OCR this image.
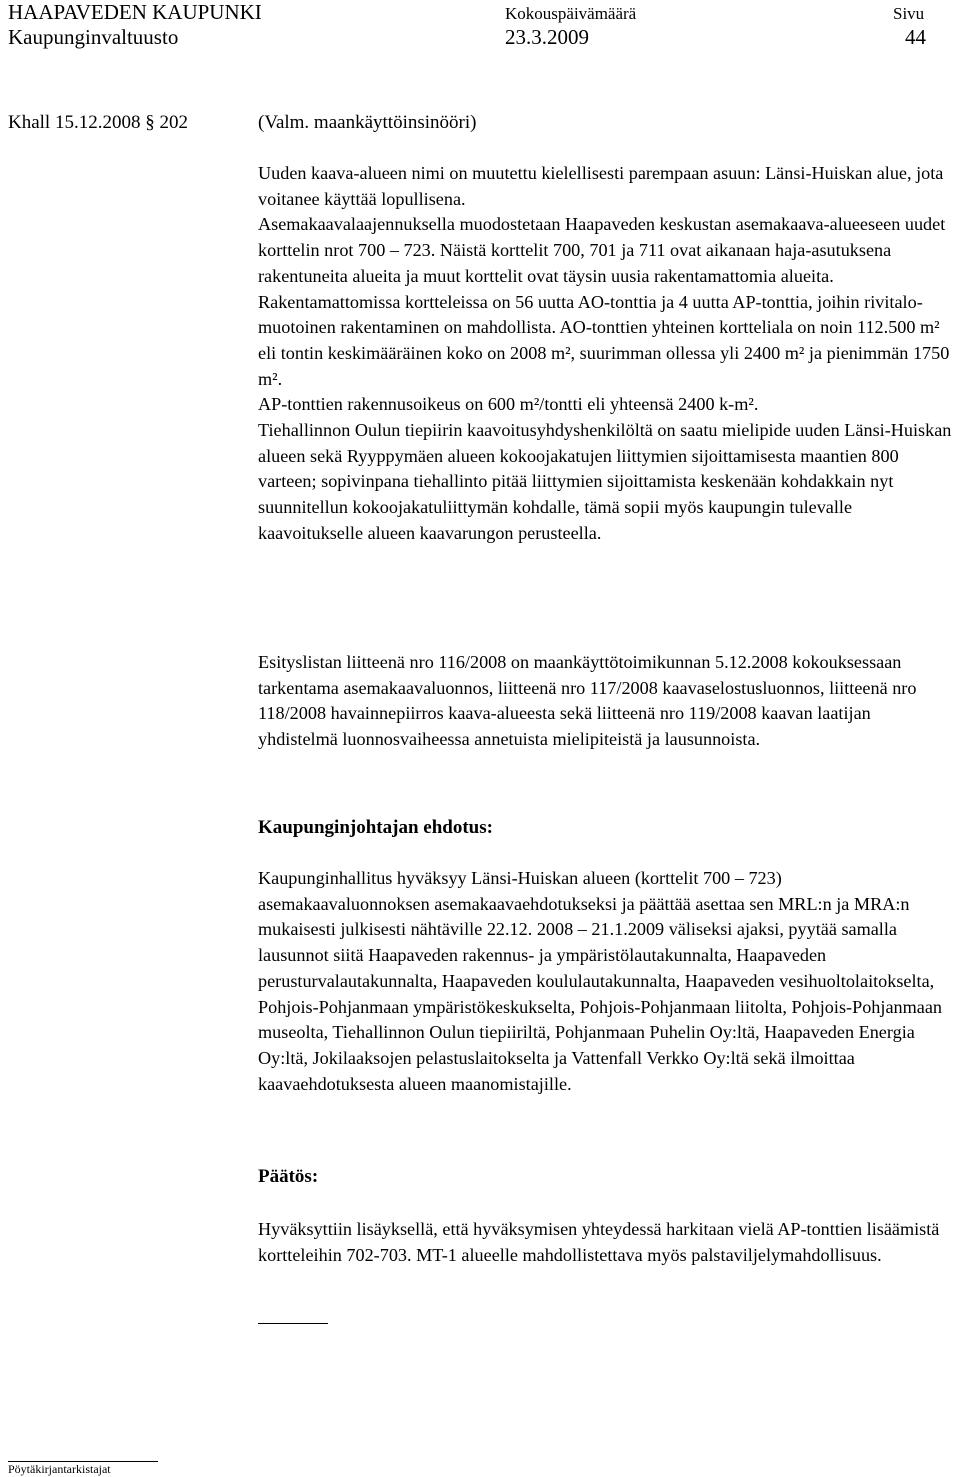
HAAPAVEDEN KAUPUNKI
Kaupunginvaltuusto
Kokouspäivämäärä
23.3.2009
Sivu
44
Khall 15.12.2008 § 202	(Valm. maankäyttöinsinööri)

Uuden kaava-alueen nimi on muutettu kielellisesti parempaan asuun: Länsi-Huiskan alue, jota voitanee käyttää lopullisena.

Asemakaavalaajennuksella muodostetaan Haapaveden keskustan asemakaava-alueeseen uudet korttelin nrot 700 – 723. Näistä korttelit 700, 701 ja 711 ovat aikanaan haja-asutuksena rakentuneita alueita ja muut korttelit ovat täysin uusia rakentamattomia alueita.

Rakentamattomissa kortteleissa on 56 uutta AO-tonttia ja 4 uutta AP-tonttia, joihin rivitalo-muotoinen rakentaminen on mahdollista. AO-tonttien yhteinen kortteliala on noin 112.500 m² eli tontin keskimääräinen koko on 2008 m², suurimman ollessa yli 2400 m² ja pienimmän 1750 m².

AP-tonttien rakennusoikeus on 600 m²/tontti eli yhteensä 2400 k-m².

Tiehallinnon Oulun tiepiirin kaavoitusyhdyshenkilöltä on saatu mielipide uuden Länsi-Huiskan alueen sekä Ryyppymäen alueen kokoojakatujen liittymien sijoittamisesta maantien 800 varteen; sopivinpana tiehallinto pitää liittymien sijoittamista keskenään kohdakkain nyt suunnitellun kokoojakatuliittymän kohdalle, tämä sopii myös kaupungin tulevalle kaavoitukselle alueen kaavarungon perusteella.

Esityslistan liitteenä nro 116/2008 on maankäyttötoimikunnan 5.12.2008 kokouksessaan tarkentama asemakaavaluonnos, liitteenä nro 117/2008 kaavaselostusluonnos, liitteenä nro 118/2008 havainnepiirros kaava-alueesta sekä liitteenä nro 119/2008 kaavan laatijan yhdistelmä luonnosvaiheessa annetuista mielipiteistä ja lausunnoista.
Kaupunginjohtajan ehdotus:
Kaupunginhallitus hyväksyy Länsi-Huiskan alueen (korttelit 700 – 723) asemakaavaluonnoksen asemakaavaehdotukseksi ja päättää asettaa sen MRL:n ja MRA:n mukaisesti julkisesti nähtäville 22.12. 2008 – 21.1.2009 väliseksi ajaksi, pyytää samalla lausunnot siitä Haapaveden rakennus- ja ympäristölautakunnalta, Haapaveden perusturvalautakunnalta, Haapaveden koululautakunnalta, Haapaveden vesihuoltolaitokselta, Pohjois-Pohjanmaan ympäristökeskukselta, Pohjois-Pohjanmaan liitolta, Pohjois-Pohjanmaan museolta, Tiehallinnon Oulun tiepiiriltä, Pohjanmaan Puhelin Oy:ltä, Haapaveden Energia Oy:ltä, Jokilaaksojen pelastuslaitokselta ja Vattenfall Verkko Oy:ltä sekä ilmoittaa kaavaehdotuksesta alueen maanomistajille.
Päätös:
Hyväksyttiin lisäyksellä, että hyväksymisen yhteydessä harkitaan vielä AP-tonttien lisäämistä kortteleihin 702-703. MT-1 alueelle mahdollistettava myös palstaviljelymahdollisuus.
Pöytäkirjantarkistajat
